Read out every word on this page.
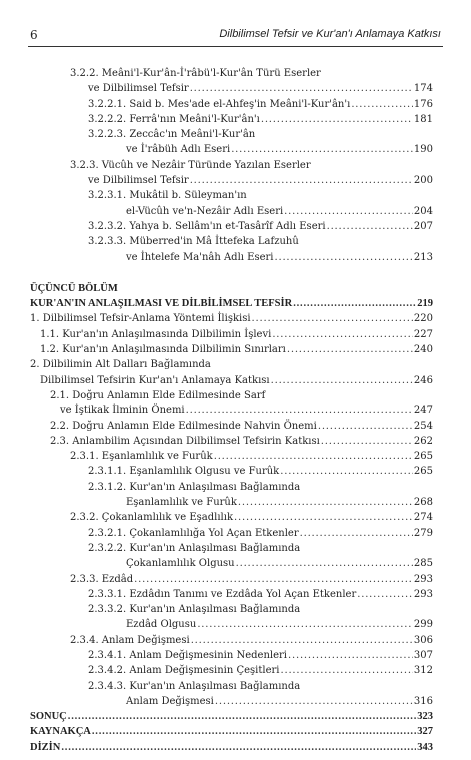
6	Dilbilimsel Tefsir ve Kur'an'ı Anlamaya Katkısı
3.2.2. Meâni'l-Kur'ân-İ'râbü'l-Kur'ân Türü Eserler
ve Dilbilimsel Tefsir .....	174
3.2.2.1. Said b. Mes'ade el-Ahfeş'in Meâni'l-Kur'ân'ı .....	176
3.2.2.2. Ferrâ'nın Meâni'l-Kur'ân'ı .....	181
3.2.2.3. Zeccâc'ın Meâni'l-Kur'ân
ve İ'râbüh Adlı Eseri .....	190
3.2.3. Vücûh ve Nezâir Türünde Yazılan Eserler
ve Dilbilimsel Tefsir .....	200
3.2.3.1. Mukâtil b. Süleyman'ın
el-Vücûh ve'n-Nezâir Adlı Eseri .....	204
3.2.3.2. Yahya b. Sellâm'ın et-Tasârîf Adlı Eseri .....	207
3.2.3.3. Müberred'in Mâ İttefeka Lafzuhû
ve İhtelefe Ma'nâh Adlı Eseri .....	213
ÜÇÜNCÜ BÖLÜM
KUR'AN'IN ANLAŞILMASI VE DİLBİLİMSEL TEFSİR .....	219
1. Dilbilimsel Tefsir-Anlama Yöntemi İlişkisi .....	220
1.1. Kur'an'ın Anlaşılmasında Dilbilimin İşlevi .....	227
1.2. Kur'an'ın Anlaşılmasında Dilbilimin Sınırları .....	240
2. Dilbilimin Alt Dalları Bağlamında
Dilbilimsel Tefsirin Kur'an'ı Anlamaya Katkısı .....	246
2.1. Doğru Anlamın Elde Edilmesinde Sarf
ve İştikak İlminin Önemi .....	247
2.2. Doğru Anlamın Elde Edilmesinde Nahvin Önemi .....	254
2.3. Anlambilim Açısından Dilbilimsel Tefsirin Katkısı .....	262
2.3.1. Eşanlamlılık ve Furûk .....	265
2.3.1.1. Eşanlamlılık Olgusu ve Furûk .....	265
2.3.1.2. Kur'an'ın Anlaşılması Bağlamında
Eşanlamlılık ve Furûk .....	268
2.3.2. Çokanlamlılık ve Eşadlılık .....	274
2.3.2.1. Çokanlamlılığa Yol Açan Etkenler .....	279
2.3.2.2. Kur'an'ın Anlaşılması Bağlamında
Çokanlamlılık Olgusu .....	285
2.3.3. Ezdâd .....	293
2.3.3.1. Ezdâdın Tanımı ve Ezdâda Yol Açan Etkenler .....	293
2.3.3.2. Kur'an'ın Anlaşılması Bağlamında
Ezdâd Olgusu .....	299
2.3.4. Anlam Değişmesi .....	306
2.3.4.1. Anlam Değişmesinin Nedenleri .....	307
2.3.4.2. Anlam Değişmesinin Çeşitleri .....	312
2.3.4.3. Kur'an'ın Anlaşılması Bağlamında
Anlam Değişmesi .....	316
SONUÇ .....	323
KAYNAKÇA .....	327
DİZİN .....	343
